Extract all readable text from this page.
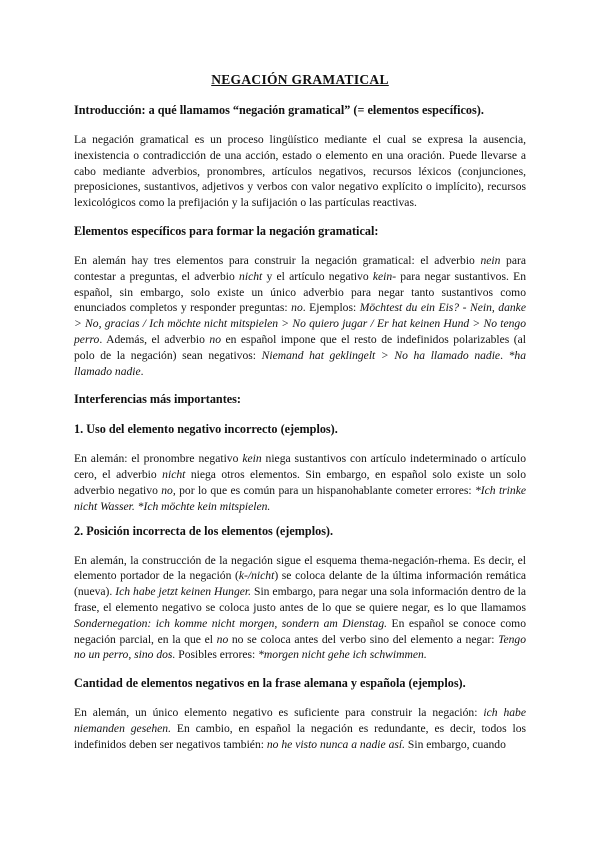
NEGACIÓN GRAMATICAL
Introducción: a qué llamamos “negación gramatical” (= elementos específicos).

La negación gramatical es un proceso lingüístico mediante el cual se expresa la ausencia, inexistencia o contradicción de una acción, estado o elemento en una oración. Puede llevarse a cabo mediante adverbios, pronombres, artículos negativos, recursos léxicos (conjunciones, preposiciones, sustantivos, adjetivos y verbos con valor negativo explícito o implícito), recursos lexicológicos como la prefijación y la sufijación o las partículas reactivas.

Elementos específicos para formar la negación gramatical:

En alemán hay tres elementos para construir la negación gramatical: el adverbio nein para contestar a preguntas, el adverbio nicht y el artículo negativo kein- para negar sustantivos. En español, sin embargo, solo existe un único adverbio para negar tanto sustantivos como enunciados completos y responder preguntas: no. Ejemplos: Möchtest du ein Eis? - Nein, danke > No, gracias / Ich möchte nicht mitspielen > No quiero jugar / Er hat keinen Hund > No tengo perro. Además, el adverbio no en español impone que el resto de indefinidos polarizables (al polo de la negación) sean negativos: Niemand hat geklingelt > No ha llamado nadie. *ha llamado nadie.

Interferencias más importantes:
1. Uso del elemento negativo incorrecto (ejemplos).

En alemán: el pronombre negativo kein niega sustantivos con artículo indeterminado o artículo cero, el adverbio nicht niega otros elementos. Sin embargo, en español solo existe un solo adverbio negativo no, por lo que es común para un hispanohablante cometer errores: *Ich trinke nicht Wasser. *Ich möchte kein mitspielen.

2. Posición incorrecta de los elementos (ejemplos).

En alemán, la construcción de la negación sigue el esquema thema-negación-rhema. Es decir, el elemento portador de la negación (k-/nicht) se coloca delante de la última información remática (nueva). Ich habe jetzt keinen Hunger. Sin embargo, para negar una sola información dentro de la frase, el elemento negativo se coloca justo antes de lo que se quiere negar, es lo que llamamos Sondernegation: ich komme nicht morgen, sondern am Dienstag. En español se conoce como negación parcial, en la que el no no se coloca antes del verbo sino del elemento a negar: Tengo no un perro, sino dos. Posibles errores: *morgen nicht gehe ich schwimmen.

Cantidad de elementos negativos en la frase alemana y española (ejemplos).

En alemán, un único elemento negativo es suficiente para construir la negación: ich habe niemanden gesehen. En cambio, en español la negación es redundante, es decir, todos los indefinidos deben ser negativos también: no he visto nunca a nadie así. Sin embargo, cuando
